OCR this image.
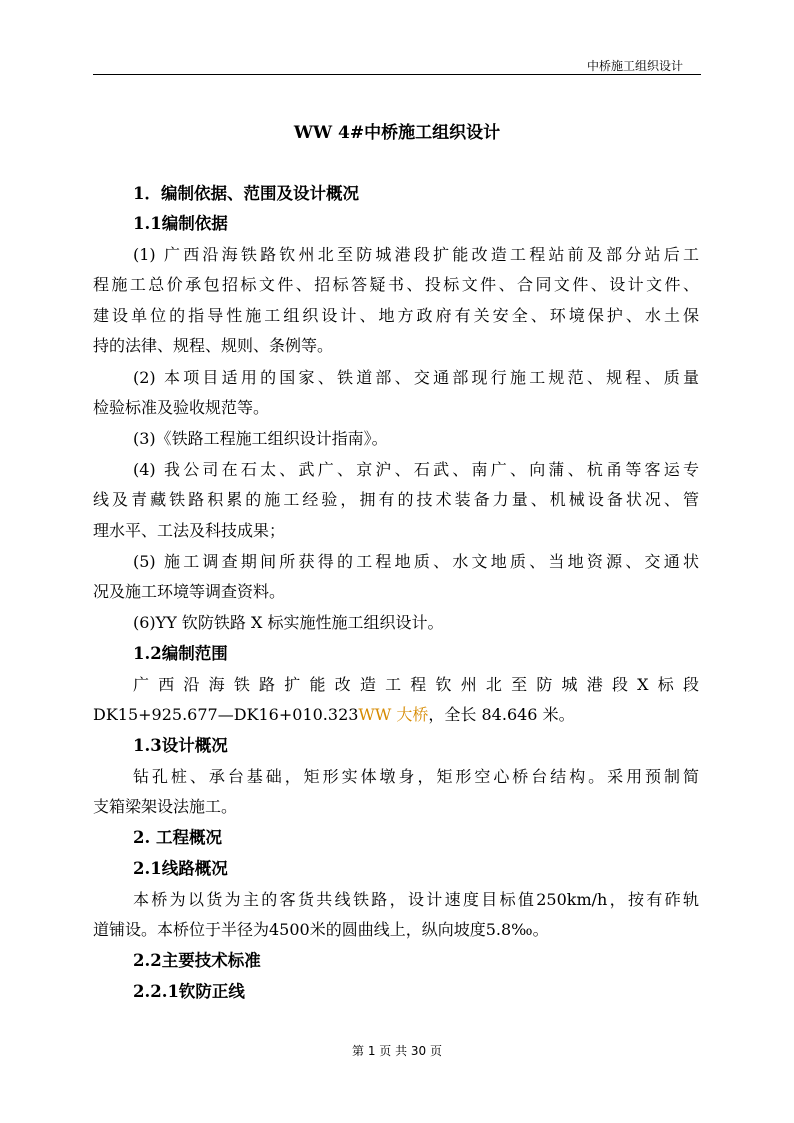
中桥施工组织设计
WW 4#中桥施工组织设计
1．编制依据、范围及设计概况
1.1编制依据
(1) 广西沿海铁路钦州北至防城港段扩能改造工程站前及部分站后工
程施工总价承包招标文件、招标答疑书、投标文件、合同文件、设计文件、
建设单位的指导性施工组织设计、地方政府有关安全、环境保护、水土保
持的法律、规程、规则、条例等。
(2) 本项目适用的国家、铁道部、交通部现行施工规范、规程、质量
检验标准及验收规范等。
(3)《铁路工程施工组织设计指南》。
(4) 我公司在石太、武广、京沪、石武、南广、向蒲、杭甬等客运专
线及青藏铁路积累的施工经验，拥有的技术装备力量、机械设备状况、管
理水平、工法及科技成果；
(5) 施工调查期间所获得的工程地质、水文地质、当地资源、交通状
况及施工环境等调查资料。
(6)YY 钦防铁路 X 标实施性施工组织设计。
1.2编制范围
广西沿海铁路扩能改造工程钦州北至防城港段X标段
DK15+925.677—DK16+010.323WW 大桥，全长 84.646 米。
1.3设计概况
钻孔桩、承台基础，矩形实体墩身，矩形空心桥台结构。采用预制简
支箱梁架设法施工。
2. 工程概况
2.1线路概况
本桥为以货为主的客货共线铁路，设计速度目标值250km/h，按有砟轨
道铺设。本桥位于半径为4500米的圆曲线上，纵向坡度5.8‰。
2.2主要技术标准
2.2.1钦防正线
第 1 页 共 30 页
